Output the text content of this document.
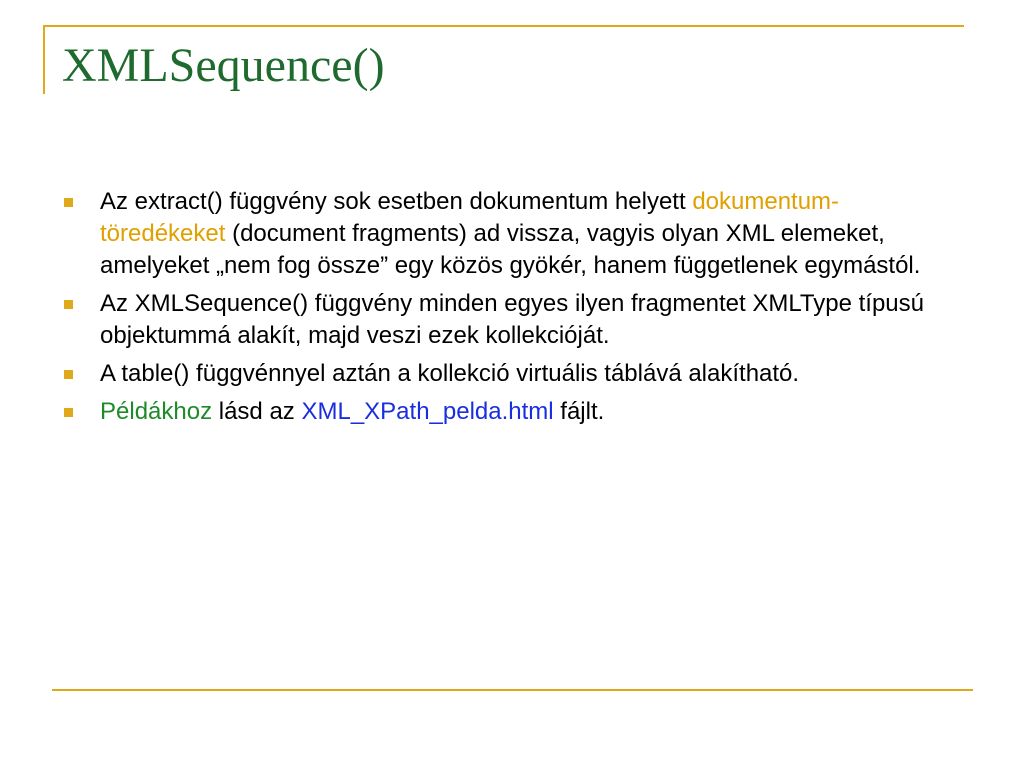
XMLSequence()
Az extract() függvény sok esetben dokumentum helyett dokumentum-töredékeket (document fragments) ad vissza, vagyis olyan XML elemeket, amelyeket „nem fog össze” egy közös gyökér, hanem függetlenek egymástól.
Az XMLSequence() függvény minden egyes ilyen fragmentet XMLType típusú objektummá alakít, majd veszi ezek kollekcióját.
A table() függvénnyel aztán a kollekció virtuális táblává alakítható.
Példákhoz lásd az XML_XPath_pelda.html fájlt.
